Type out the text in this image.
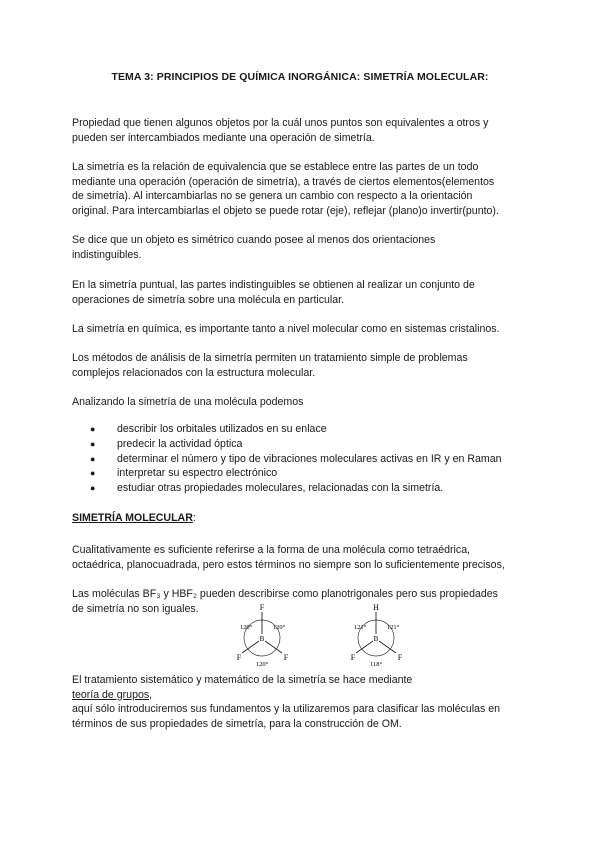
TEMA 3: PRINCIPIOS DE QUÍMICA INORGÁNICA: SIMETRÍA MOLECULAR:
Propiedad que tienen algunos objetos por la cuál unos puntos son equivalentes a otros y
pueden ser intercambiados mediante una operación de simetría.
La simetría es la relación de equivalencia que se establece entre las partes de un todo
mediante una operación (operación de simetría), a través de ciertos elementos(elementos
de simetría). Al intercambiarlas no se genera un cambio con respecto a la orientación
original. Para intercambiarlas el objeto se puede rotar (eje), reflejar (plano)o invertir(punto).
Se dice que un objeto es simétrico cuando posee al menos dos orientaciones
indistinguibles.
En la simetría puntual, las partes indistinguibles se obtienen al realizar un conjunto de
operaciones de simetría sobre una molécula en particular.
La simetría en química, es importante tanto a nivel molecular como en sistemas cristalinos.
Los métodos de análisis de la simetría permiten un tratamiento simple de problemas
complejos relacionados con la estructura molecular.
Analizando la simetría de una molécula podemos
●	describir los orbitales utilizados en su enlace
●	predecir la actividad óptica
●	determinar el número y tipo de vibraciones moleculares activas en IR y en Raman
●	interpretar su espectro electrónico
●	estudiar otras propiedades moleculares, relacionadas con la simetría.
SIMETRÍA MOLECULAR:
Cualitativamente es suficiente referirse a la forma de una molécula como tetraédrica,
octaédrica, planocuadrada, pero estos términos no siempre son lo suficientemente precisos,
Las moléculas BF₃ y HBF₂ pueden describirse como planotrigonales pero sus propiedades
de simetría no son iguales.	F
B
F	F
120°	120°
120°
H
B
F	F
121°	121°
118°
El tratamiento sistemático y matemático de la simetría se hace mediante
teoría de grupos,
aquí sólo introduciremos sus fundamentos y la utilizaremos para clasificar las moléculas en
términos de sus propiedades de simetría, para la construcción de OM.
